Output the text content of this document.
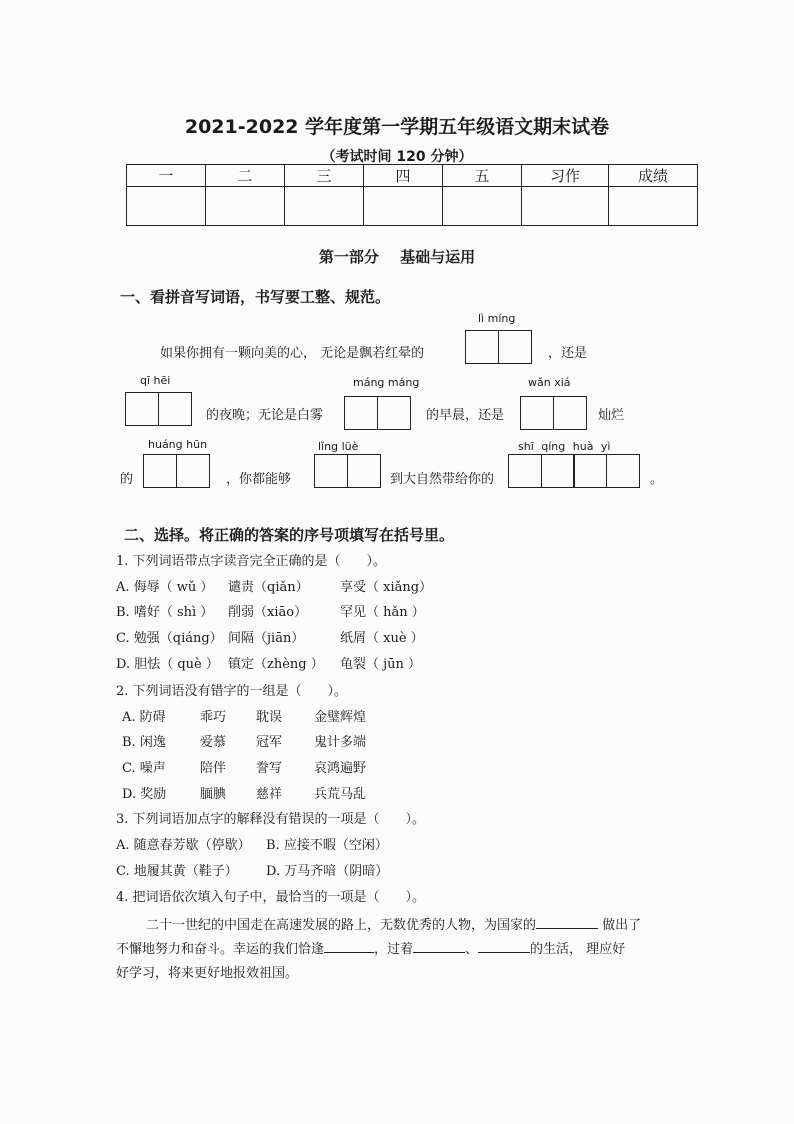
2021-2022 学年度第一学期五年级语文期末试卷
（考试时间 120 分钟）
一	二	三	四	五	习作	成绩

第一部分 基础与运用
一、看拼音写词语，书写要工整、规范。
lì míng
如果你拥有一颗向美的心， 无论是飘若红晕的	，还是
qī hēi	máng máng	wǎn xiá
的夜晚；无论是白雾	的早晨，还是	灿烂
huáng hūn	lǐng lüè	shī qíng huà yì
的	，你都能够	到大自然带给你的	。
二、选择。将正确的答案的序号项填写在括号里。
1. 下列词语带点字读音完全正确的是（　　）。
A. 侮辱（ wǔ ） 谴责（qiǎn） 享受（ xiǎng）
B. 嗜好（ shì ） 削弱（xiāo）	罕见（ hǎn ）
C. 勉强（qiáng） 间隔（jiān）	纸屑（ xuè ）
D. 胆怯（ què ） 镇定（zhèng ） 龟裂（ jūn ）
2. 下列词语没有错字的一组是（　　）。
A. 防碍	乖巧 耽误 金璧辉煌
B. 闲逸	爱慕 冠军 鬼计多端
C. 噪声	陪伴 誊写 哀鸿遍野
D. 奖励	腼腆 慈祥 兵荒马乱
3. 下列词语加点字的解释没有错误的一项是（　　）。
A. 随意春芳歇（停歇） B. 应接不暇（空闲）
C. 地履其黄（鞋子） D. 万马齐喑（阴暗）
4. 把词语依次填入句子中，最恰当的一项是（　　）。
二十一世纪的中国走在高速发展的路上，无数优秀的人物，为国家的	做出了
不懈地努力和奋斗。幸运的我们恰逢	，过着	、	的生活， 理应好
好学习，将来更好地报效祖国。
